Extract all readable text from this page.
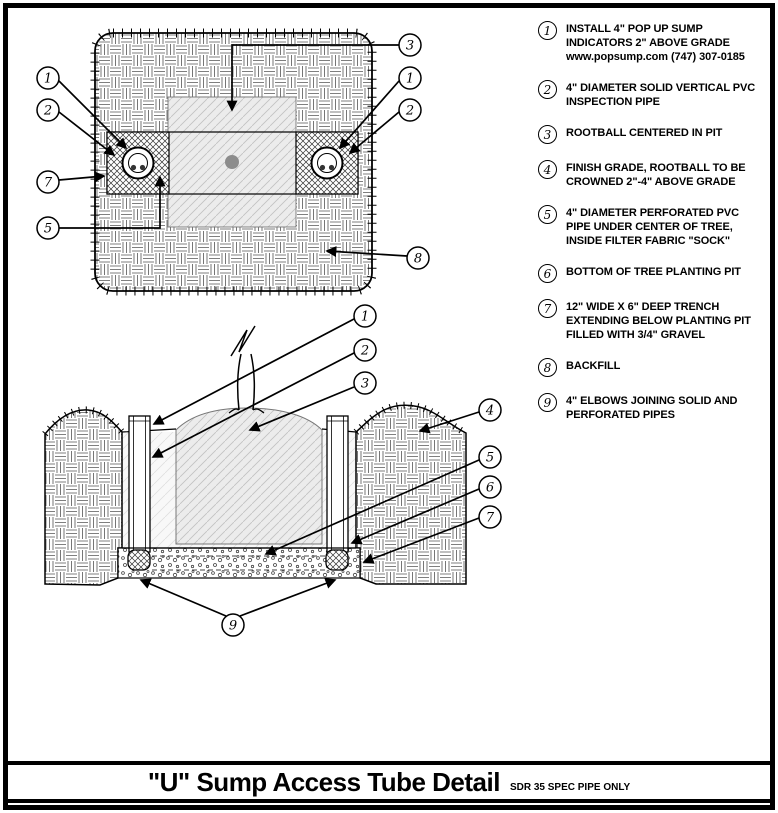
1
2
7
5
3
1
2
8
1
2
3
4
5
6
7
9
1	INSTALL 4" POP UP SUMP INDICATORS 2" ABOVE GRADE
www.popsump.com (747) 307-0185
2	4" DIAMETER SOLID VERTICAL PVC INSPECTION PIPE
3	ROOTBALL CENTERED IN PIT
4	FINISH GRADE, ROOTBALL TO BE CROWNED 2"-4" ABOVE GRADE
5	4" DIAMETER PERFORATED PVC PIPE UNDER CENTER OF TREE, INSIDE FILTER FABRIC "SOCK"
6	BOTTOM OF TREE PLANTING PIT
7	12" WIDE X 6" DEEP TRENCH EXTENDING BELOW PLANTING PIT FILLED WITH 3/4" GRAVEL
8	BACKFILL
9	4" ELBOWS JOINING SOLID AND PERFORATED PIPES
"U" Sump Access Tube Detail SDR 35 SPEC PIPE ONLY
